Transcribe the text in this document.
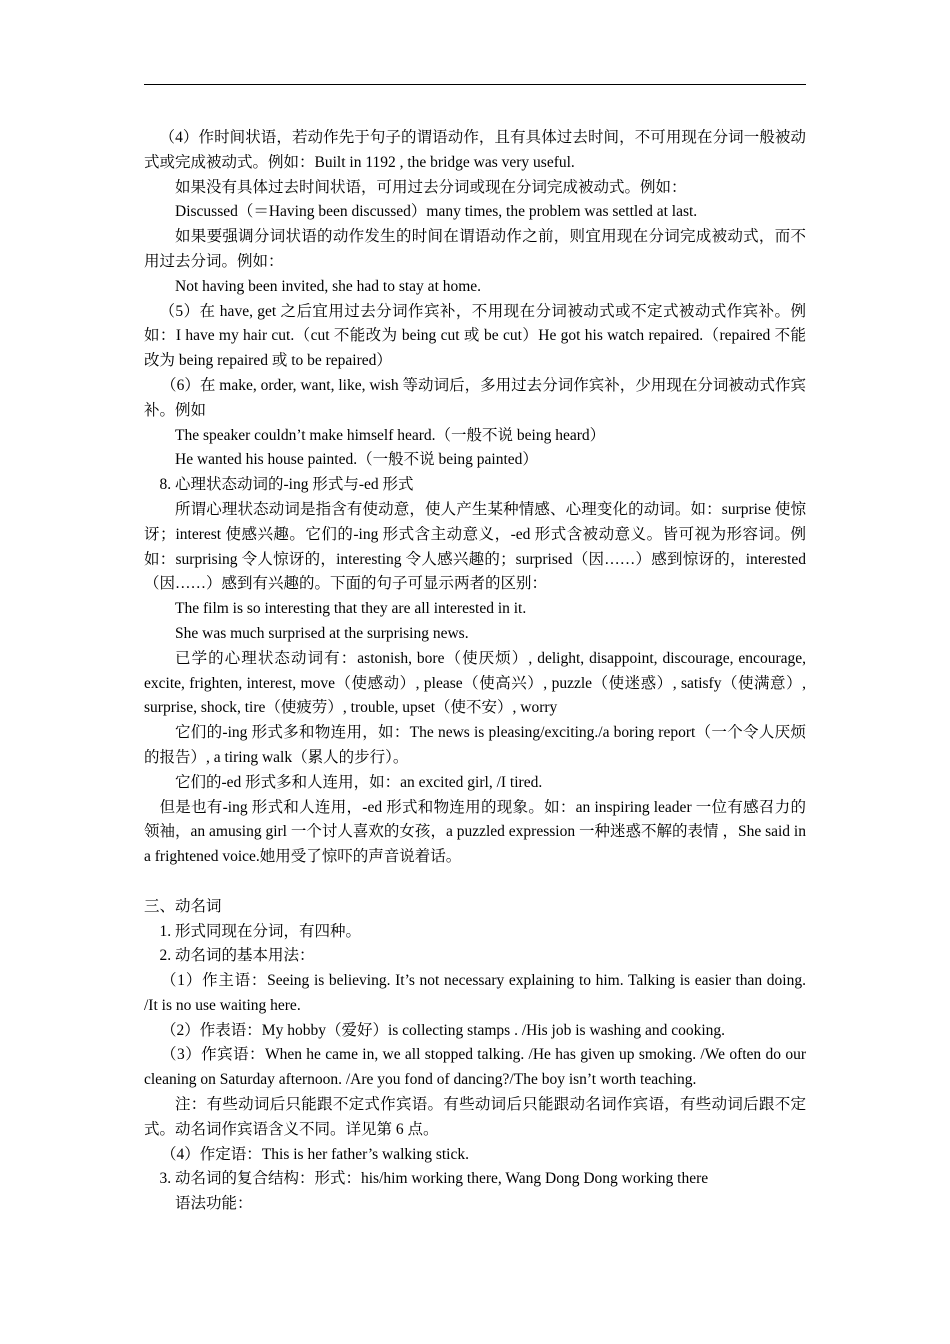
（4）作时间状语，若动作先于句子的谓语动作，且有具体过去时间，不可用现在分词一般被动式或完成被动式。例如：Built in 1192 , the bridge was very useful.

如果没有具体过去时间状语，可用过去分词或现在分词完成被动式。例如：

Discussed（＝Having been discussed）many times, the problem was settled at last.

如果要强调分词状语的动作发生的时间在谓语动作之前，则宜用现在分词完成被动式，而不用过去分词。例如：

Not having been invited, she had to stay at home.

（5）在 have, get 之后宜用过去分词作宾补，不用现在分词被动式或不定式被动式作宾补。例如：I have my hair cut.（cut 不能改为 being cut 或 be cut）He got his watch repaired.（repaired 不能改为 being repaired 或 to be repaired）

（6）在 make, order, want, like, wish 等动词后，多用过去分词作宾补，少用现在分词被动式作宾补。例如

The speaker couldn’t make himself heard.（一般不说 being heard）

He wanted his house painted.（一般不说 being painted）

8. 心理状态动词的-ing 形式与-ed 形式

所谓心理状态动词是指含有使动意，使人产生某种情感、心理变化的动词。如：surprise 使惊讶；interest 使感兴趣。它们的-ing 形式含主动意义，-ed 形式含被动意义。皆可视为形容词。例如：surprising 令人惊讶的，interesting 令人感兴趣的；surprised（因……）感到惊讶的，interested（因……）感到有兴趣的。下面的句子可显示两者的区别：

The film is so interesting that they are all interested in it.

She was much surprised at the surprising news.

已学的心理状态动词有：astonish, bore（使厌烦）, delight, disappoint, discourage, encourage, excite, frighten, interest, move（使感动）, please（使高兴）, puzzle（使迷惑）, satisfy（使满意）, surprise, shock, tire（使疲劳）, trouble, upset（使不安）, worry

它们的-ing 形式多和物连用，如：The news is pleasing/exciting./a boring report（一个令人厌烦的报告）, a tiring walk（累人的步行）。

它们的-ed 形式多和人连用，如：an excited girl, /I tired.

但是也有-ing 形式和人连用，-ed 形式和物连用的现象。如：an inspiring leader 一位有感召力的领袖，an amusing girl 一个讨人喜欢的女孩，a puzzled expression 一种迷惑不解的表情 ，She said in a frightened voice.她用受了惊吓的声音说着话。

三、动名词

1. 形式同现在分词，有四种。

2. 动名词的基本用法：

（1）作主语：Seeing is believing. It’s not necessary explaining to him. Talking is easier than doing. /It is no use waiting here.

（2）作表语：My hobby（爱好）is collecting stamps . /His job is washing and cooking.

（3）作宾语：When he came in, we all stopped talking. /He has given up smoking. /We often do our cleaning on Saturday afternoon. /Are you fond of dancing?/The boy isn’t worth teaching.

注：有些动词后只能跟不定式作宾语。有些动词后只能跟动名词作宾语，有些动词后跟不定式。动名词作宾语含义不同。详见第 6 点。

（4）作定语：This is her father’s walking stick.

3. 动名词的复合结构：形式：his/him working there, Wang Dong Dong working there

语法功能：
